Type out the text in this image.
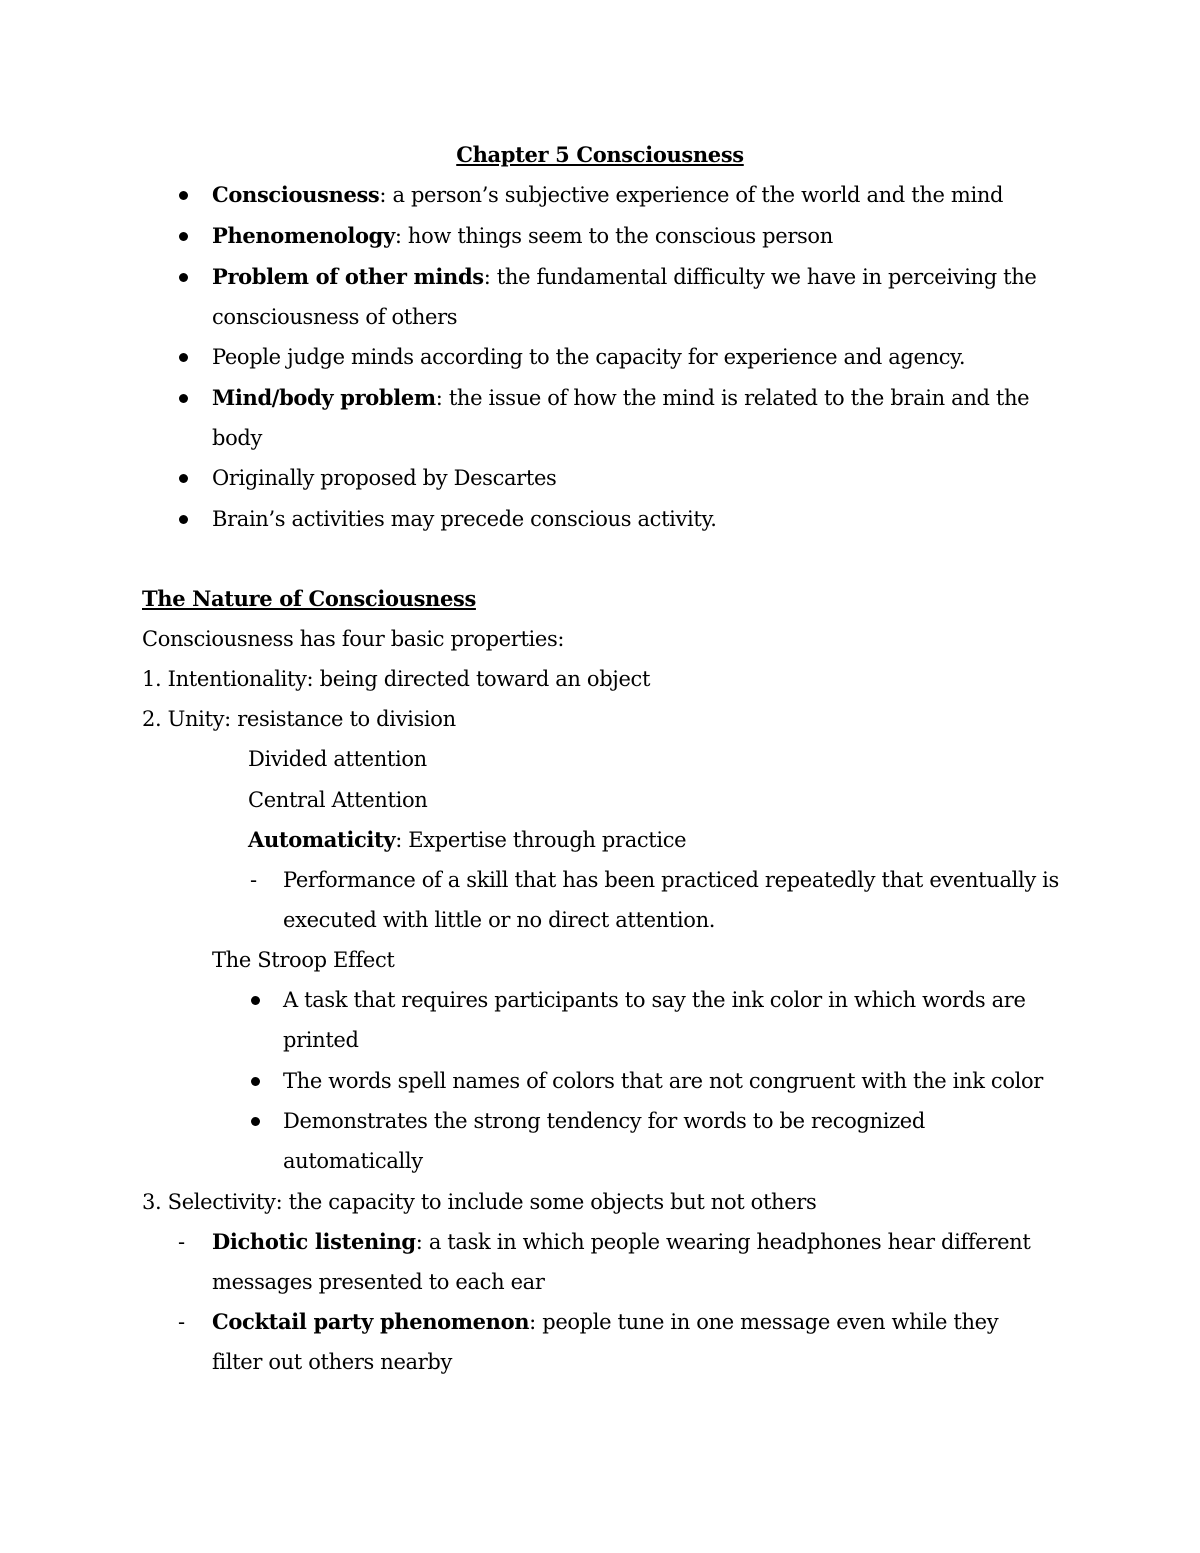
Chapter 5 Consciousness
Consciousness: a person’s subjective experience of the world and the mind
Phenomenology: how things seem to the conscious person
Problem of other minds: the fundamental difficulty we have in perceiving the
consciousness of others
People judge minds according to the capacity for experience and agency.
Mind/body problem: the issue of how the mind is related to the brain and the
body
Originally proposed by Descartes
Brain’s activities may precede conscious activity.
The Nature of Consciousness
Consciousness has four basic properties:
1. Intentionality: being directed toward an object
2. Unity: resistance to division
Divided attention
Central Attention
Automaticity: Expertise through practice
- Performance of a skill that has been practiced repeatedly that eventually is
executed with little or no direct attention.
The Stroop Effect
A task that requires participants to say the ink color in which words are
printed
The words spell names of colors that are not congruent with the ink color
Demonstrates the strong tendency for words to be recognized
automatically
3. Selectivity: the capacity to include some objects but not others
- Dichotic listening: a task in which people wearing headphones hear different
messages presented to each ear
- Cocktail party phenomenon: people tune in one message even while they
filter out others nearby
